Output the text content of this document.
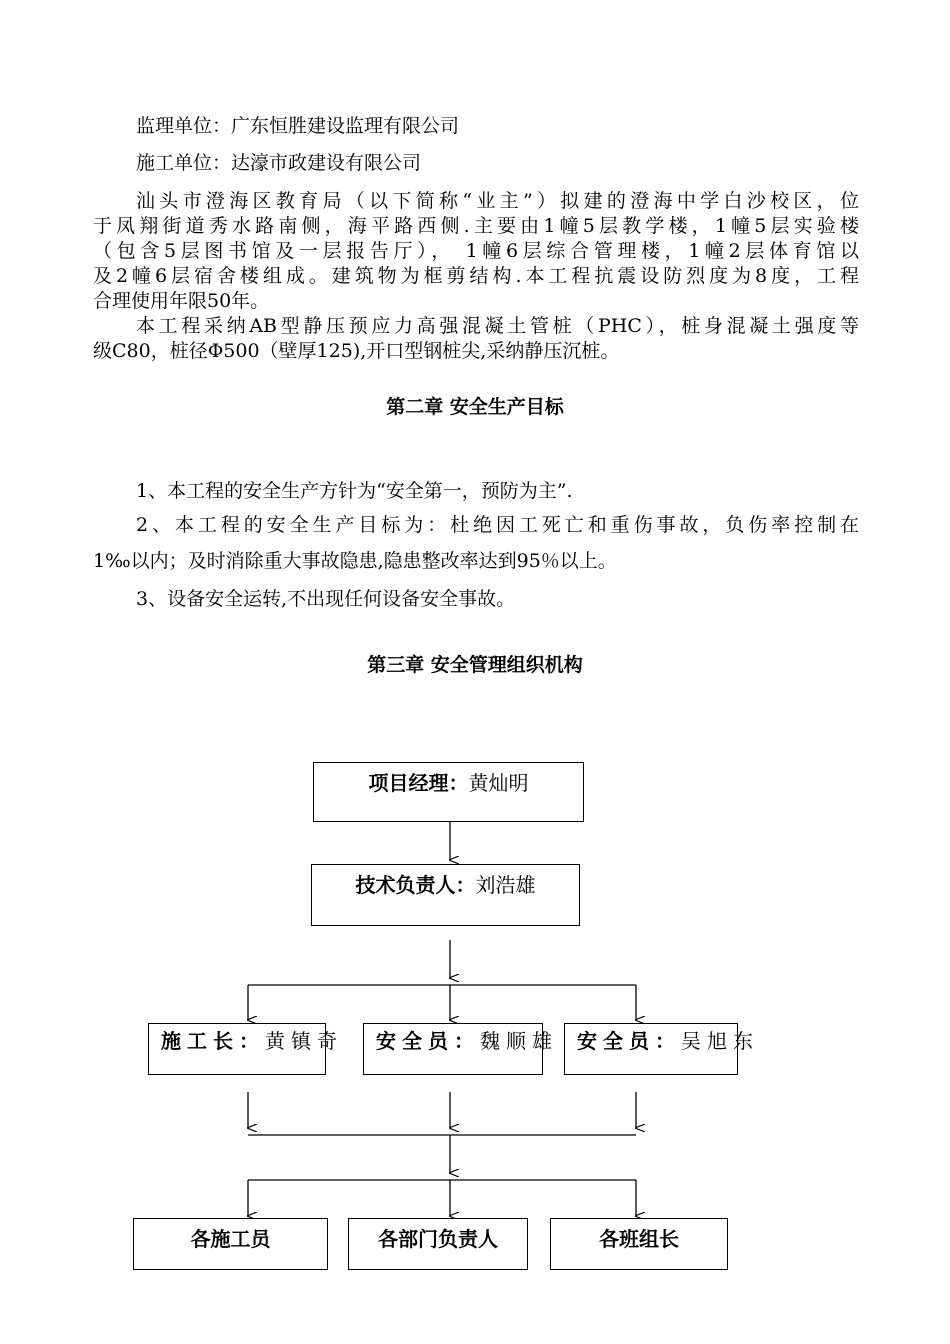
监理单位：广东恒胜建设监理有限公司
施工单位：达濠市政建设有限公司
汕头市澄海区教育局（以下简称“业主”）拟建的澄海中学白沙校区，位
于凤翔街道秀水路南侧，海平路西侧.主要由1幢5层教学楼，1幢5层实验楼
（包含5层图书馆及一层报告厅）， 1幢6层综合管理楼，1幢2层体育馆以
及2幢6层宿舍楼组成。建筑物为框剪结构.本工程抗震设防烈度为8度，工程
合理使用年限50年。
本工程采纳AB型静压预应力高强混凝土管桩（PHC），桩身混凝土强度等
级C80，桩径Φ500（壁厚125),开口型钢桩尖,采纳静压沉桩。
第二章 安全生产目标
1、本工程的安全生产方针为“安全第一，预防为主”.
2、本工程的安全生产目标为：杜绝因工死亡和重伤事故，负伤率控制在
1‰以内；及时消除重大事故隐患,隐患整改率达到95％以上。
3、设备安全运转,不出现任何设备安全事故。
第三章 安全管理组织机构
项目经理：黄灿明
技术负责人：刘浩雄
施工长：黄镇奇 安全员：魏顺雄 安全员：吴旭东
各施工员	各部门负责人	各班组长
